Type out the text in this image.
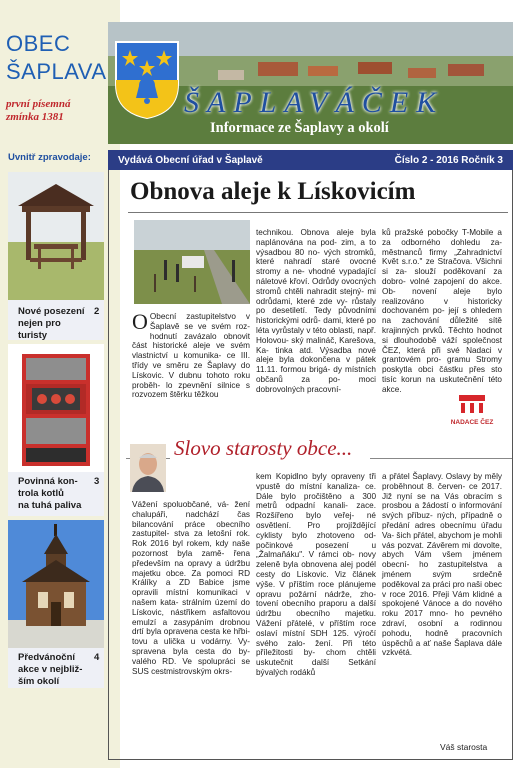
OBEC
ŠAPLAVA
první písemná
zmínka 1381
Uvnitř zpravodaje:
Nové posezení
nejen pro
turisty
2
Povinná kon-
trola kotlů
na tuhá paliva
3
Předvánoční
akce v nejbliž-
ším okolí
4
ŠAPLAVÁČEK
Informace ze Šaplavy a okolí
Vydává Obecní úřad v Šaplavě	Číslo 2 - 2016 Ročník 3
Obnova aleje k Lískovicím
O Obecní zastupitelstvo v Šaplavě se ve svém roz- hodnutí zavázalo obnovit část historické aleje ve svém vlastnictví u komunika- ce III. třídy ve směru ze Šaplavy do Lískovic. V dubnu tohoto roku proběh- lo zpevnění silnice s rozvozem štěrku těžkou
technikou. Obnova aleje byla naplánována na pod- zim, a to výsadbou 80 no- vých stromků, které nahradí staré ovocné stromy a ne- vhodné vypadající náletové křoví. Odrůdy ovocných stromů chtěli nahradit stejný- mi odrůdami, které zde vy- růstaly po desetiletí. Tedy původními historickými odrů- dami, které po léta vyrůstaly v této oblasti, např. Holovou- ský malináč, Karešova, Ka- tinka atd. Výsadba nové aleje byla dokončena v pátek 11.11. formou brigá- dy místních občanů za po- moci dobrovolných pracovní-
ků pražské pobočky T-Mobile a za odborného dohledu za- městnanců firmy „Zahradnictví Květ s.r.o." ze Stračova. Všichni si za- slouží poděkovaní za dobro- volné zapojení do akce. Ob- novení aleje bylo realizováno v historicky dochovaném po- její s ohledem na zachování důležité sítě krajinných prvků. Těchto hodnot si dlouhodobě váží společnost ČEZ, která při své Nadaci v grantovém pro- gramu Stromy poskytla obci částku přes sto tisíc korun na uskutečnění této akce.
NADACE ČEZ
Slovo starosty obce...
Vážení spoluobčané, vá- žení chalupáři, nadchází čas bilancování práce obecního zastupitel- stva za letošní rok. Rok 2016 byl rokem, kdy naše pozornost byla zamě- řena především na opravy a údržbu majetku obce. Za pomoci RD Králíky a ZD Babice jsme opravili místní komunikaci v našem kata- strálním území do Lískovic, nástřikem asfaltovou emulzí a zasypáním drobnou drtí byla opravena cesta ke hřbi- tovu a ulička u vodárny. Vy- spravena byla cesta do by- valého RD. Ve spolupráci se SUS cestmistrovským okrs-
kem Kopidlno byly opraveny tři vpustě do místní kanaliza- ce. Dále bylo pročištěno a 300 metrů odpadní kanali- zace. Rozšířeno bylo veřej- né osvětlení. Pro projíždějící cyklisty bylo zhotoveno od- počinkové posezení u „Žalmaňáku". V rámci ob- novy zeleně byla obnovena alej podél cesty do Lískovic. Viz článek výše. V příštím roce plánujeme opravu požární nádrže, zho- tovení obecního praporu a další údržbu obecního majetku. Vážení přátelé, v příštím roce oslaví místní SDH 125. výročí svého zalo- žení. Při této příležitosti by- chom chtěli uskutečnit další Setkání bývalých rodáků
a přátel Šaplavy. Oslavy by měly proběhnout 8. červen- ce 2017. Již nyní se na Vás obracím s prosbou a žádostí o informování svých příbuz- ných, případně o předání adres obecnímu úřadu Va- šich přátel, abychom je mohli vás pozvat. Závěrem mi dovolte, abych Vám všem jménem obecní- ho zastupitelstva a jménem svým srdečně poděkoval za práci pro naši obec v roce 2016. Přeji Vám klidné a spokojené Vánoce a do nového roku 2017 mno- ho pevného zdraví, osobní a rodinnou pohodu, hodně pracovních úspěchů a ať naše Šaplava dále vzkvétá.
Váš starosta
